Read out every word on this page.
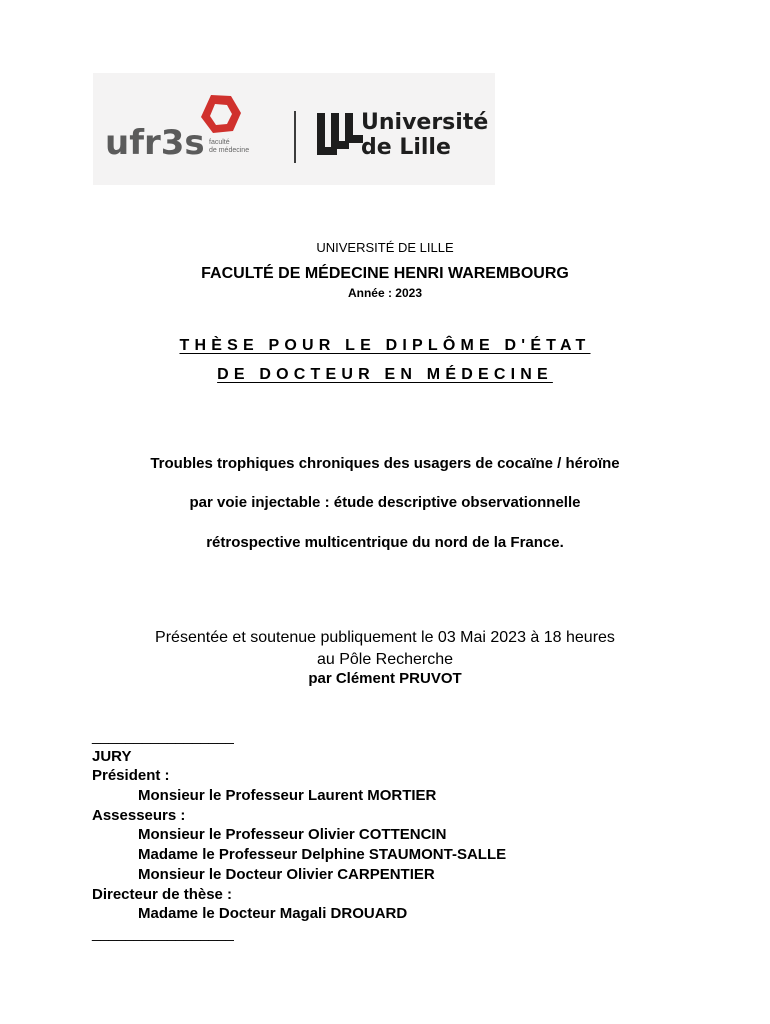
ufr3s faculté
de médecine
Université
de Lille
UNIVERSITÉ DE LILLE
FACULTÉ DE MÉDECINE HENRI WAREMBOURG
Année : 2023
THÈSE POUR LE DIPLÔME D'ÉTAT
DE DOCTEUR EN MÉDECINE
Troubles trophiques chroniques des usagers de cocaïne / héroïne
par voie injectable : étude descriptive observationnelle
rétrospective multicentrique du nord de la France.
Présentée et soutenue publiquement le 03 Mai 2023 à 18 heures
au Pôle Recherche
par Clément PRUVOT
_________________
JURY
Président :
Monsieur le Professeur Laurent MORTIER
Assesseurs :
Monsieur le Professeur Olivier COTTENCIN
Madame le Professeur Delphine STAUMONT-SALLE
Monsieur le Docteur Olivier CARPENTIER
Directeur de thèse :
Madame le Docteur Magali DROUARD
_________________
